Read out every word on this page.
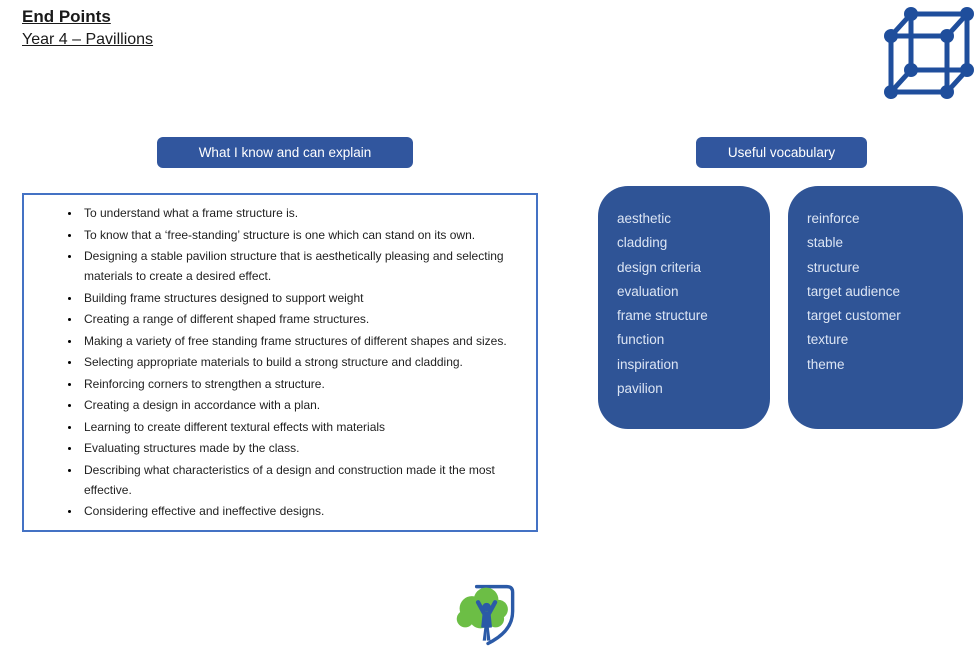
End Points
Year 4 – Pavillions
What I know and can explain	Useful vocabulary
• To understand what a frame structure is.
• To know that a ‘free-standing’ structure is one which can stand on its own.
• Designing a stable pavilion structure that is aesthetically pleasing and selecting materials to create a desired effect.
• Building frame structures designed to support weight
• Creating a range of different shaped frame structures.
• Making a variety of free standing frame structures of different shapes and sizes.
• Selecting appropriate materials to build a strong structure and cladding.
• Reinforcing corners to strengthen a structure.
• Creating a design in accordance with a plan.
• Learning to create different textural effects with materials
• Evaluating structures made by the class.
• Describing what characteristics of a design and construction made it the most effective.
• Considering effective and ineffective designs.
aesthetic
cladding
design criteria
evaluation
frame structure
function
inspiration
pavilion
reinforce
stable
structure
target audience
target customer
texture
theme
